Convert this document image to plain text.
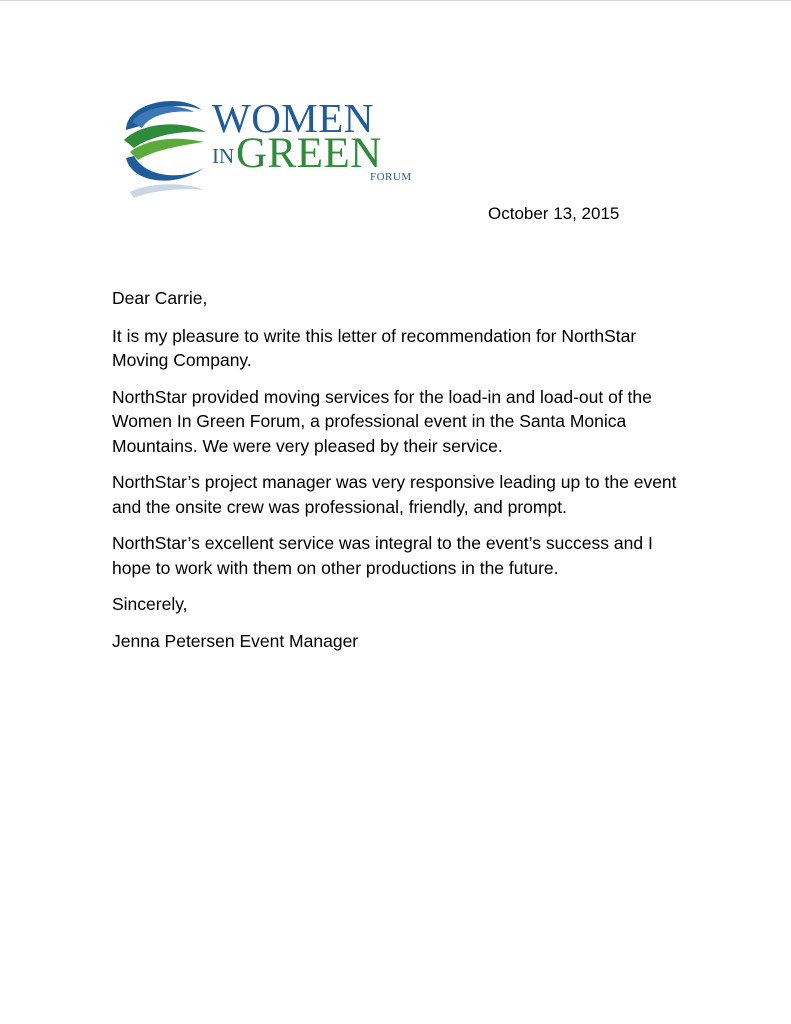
WOMEN
IN GREEN
FORUM
October 13, 2015

Dear Carrie,

It is my pleasure to write this letter of recommendation for NorthStar Moving Company.

NorthStar provided moving services for the load-in and load-out of the Women In Green Forum, a professional event in the Santa Monica Mountains. We were very pleased by their service.

NorthStar’s project manager was very responsive leading up to the event and the onsite crew was professional, friendly, and prompt.

NorthStar’s excellent service was integral to the event’s success and I hope to work with them on other productions in the future.

Sincerely,

Jenna Petersen Event Manager
